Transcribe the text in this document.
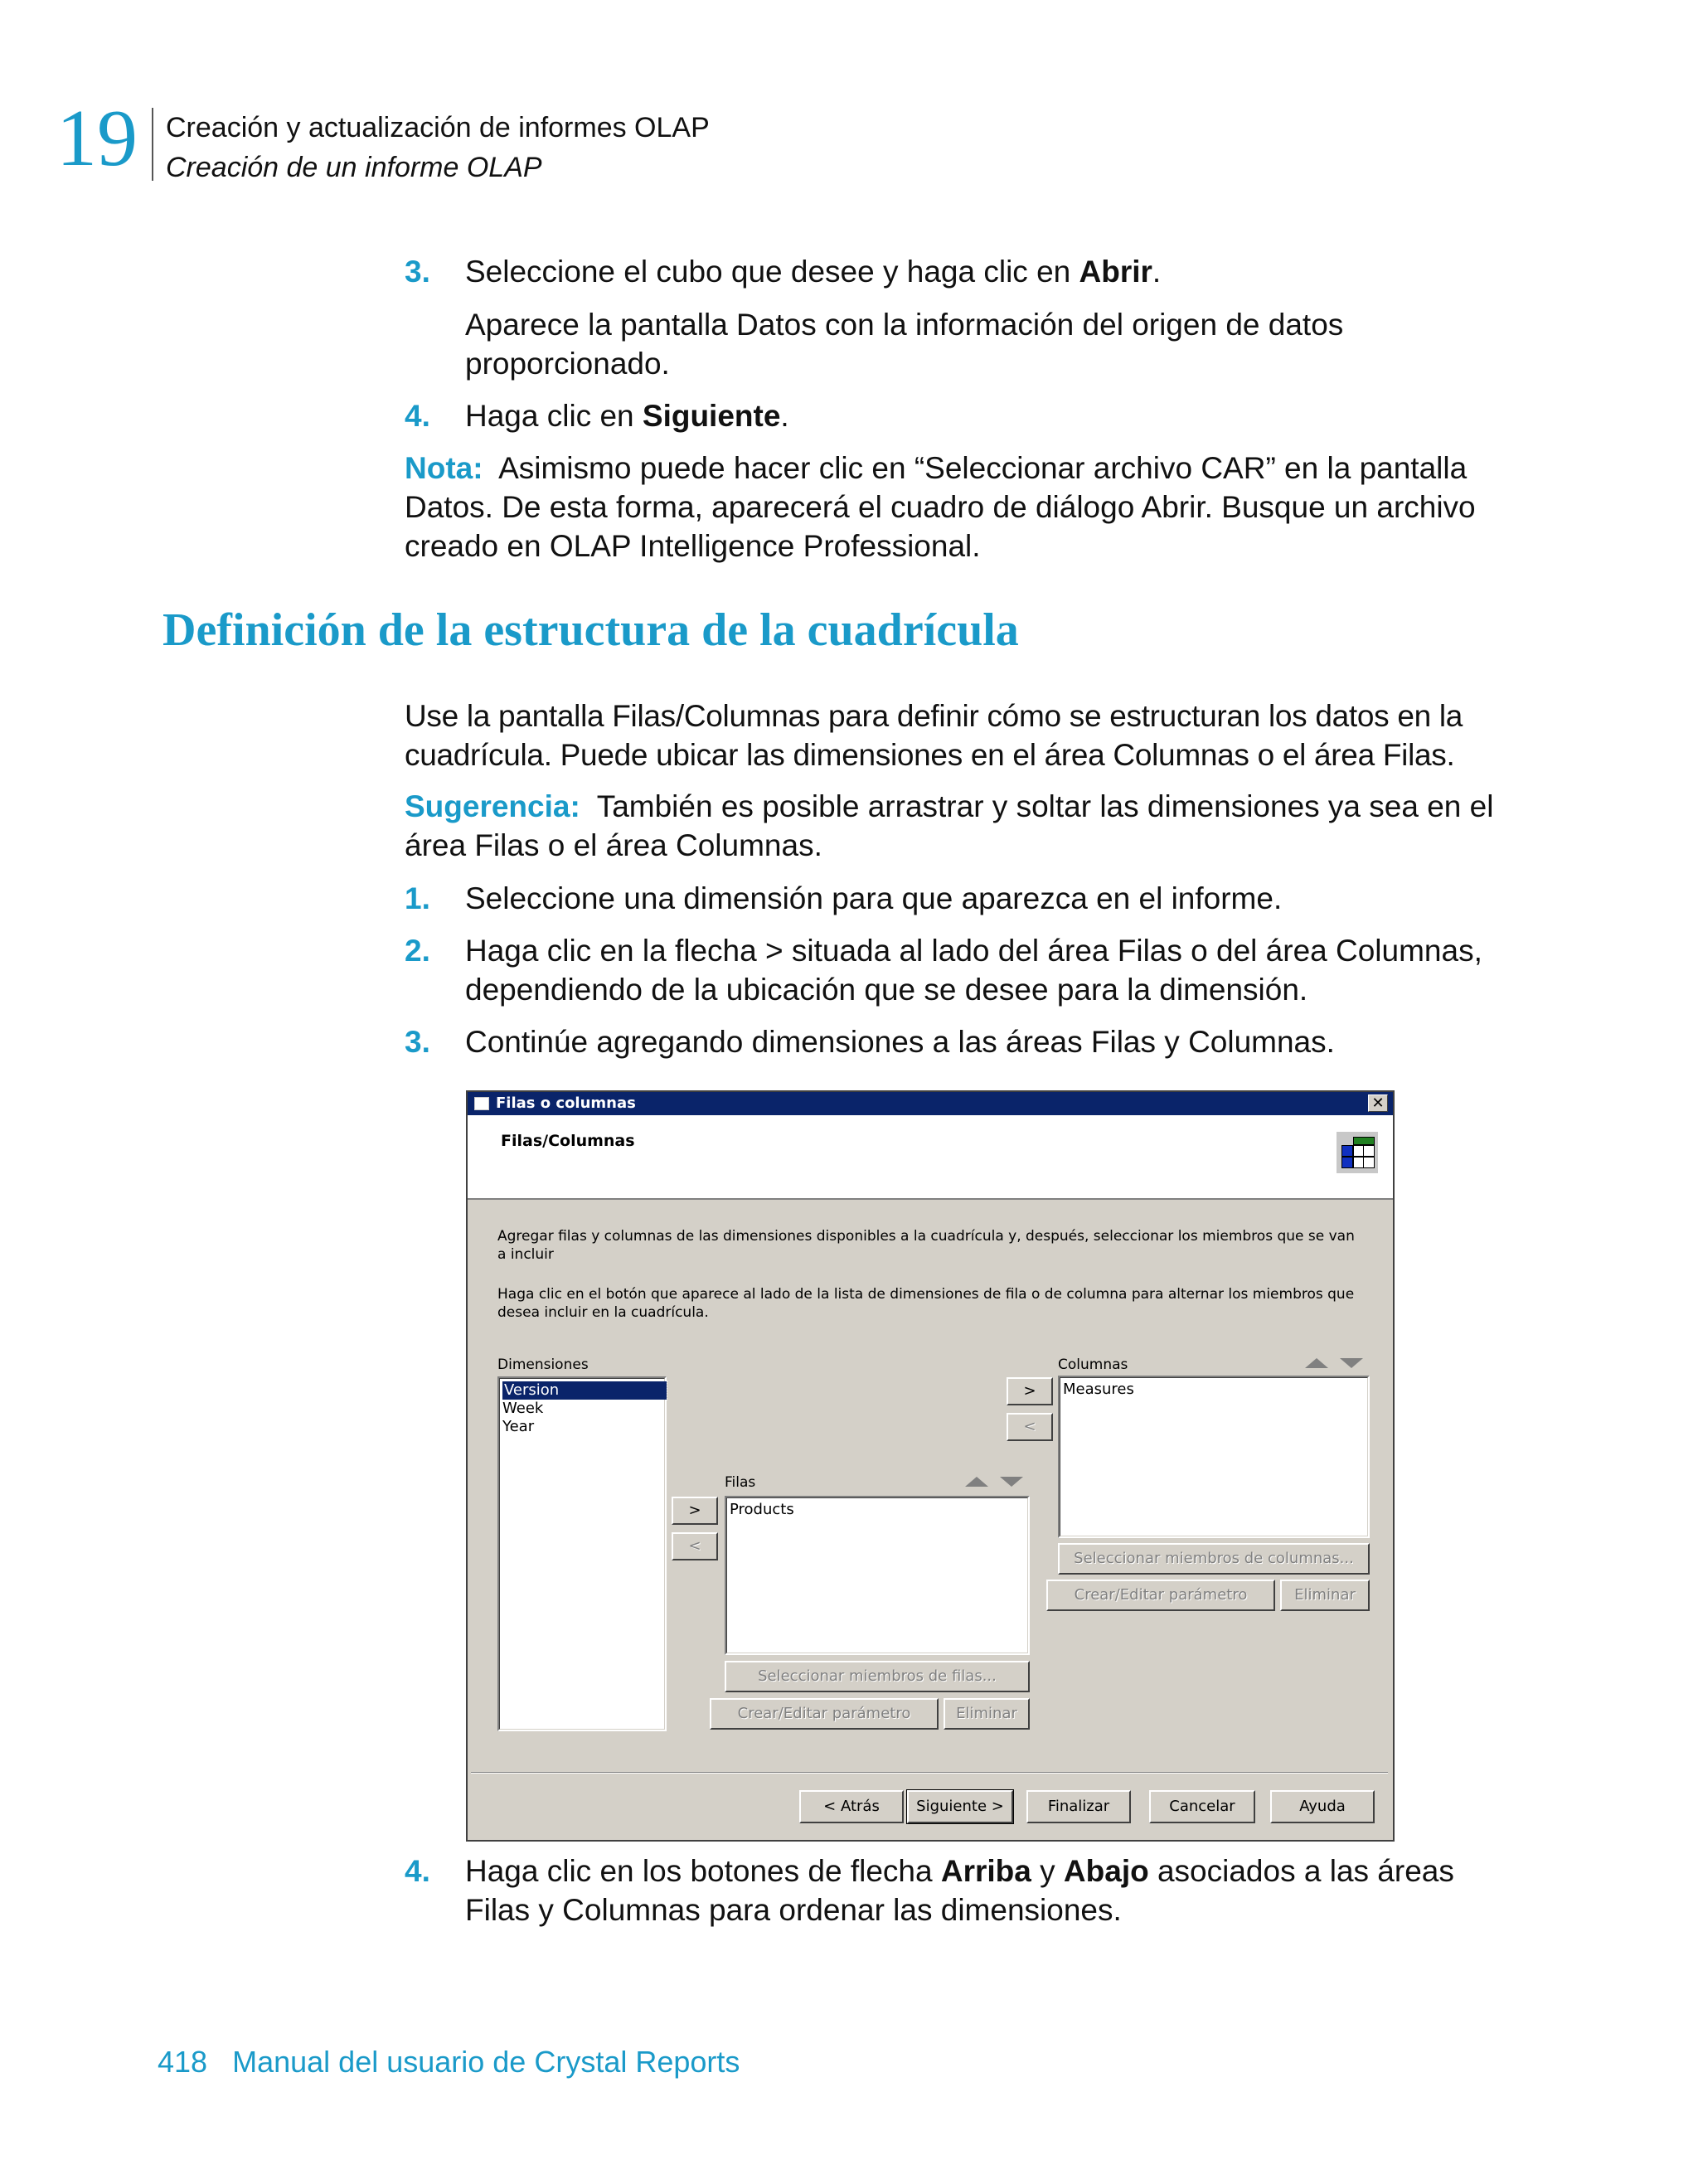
19 Creación y actualización de informes OLAP
Creación de un informe OLAP
3. Seleccione el cubo que desee y haga clic en Abrir.
Aparece la pantalla Datos con la información del origen de datos proporcionado.
4. Haga clic en Siguiente.
Nota: Asimismo puede hacer clic en “Seleccionar archivo CAR” en la pantalla Datos. De esta forma, aparecerá el cuadro de diálogo Abrir. Busque un archivo creado en OLAP Intelligence Professional.
Definición de la estructura de la cuadrícula
Use la pantalla Filas/Columnas para definir cómo se estructuran los datos en la cuadrícula. Puede ubicar las dimensiones en el área Columnas o el área Filas.
Sugerencia: También es posible arrastrar y soltar las dimensiones ya sea en el área Filas o el área Columnas.
1. Seleccione una dimensión para que aparezca en el informe.
2. Haga clic en la flecha > situada al lado del área Filas o del área Columnas, dependiendo de la ubicación que se desee para la dimensión.
3. Continúe agregando dimensiones a las áreas Filas y Columnas.
Filas o columnas	✕
Filas/Columnas
Agregar filas y columnas de las dimensiones disponibles a la cuadrícula y, después, seleccionar los miembros que se van a incluir
Haga clic en el botón que aparece al lado de la lista de dimensiones de fila o de columna para alternar los miembros que desea incluir en la cuadrícula.
Dimensiones
Version
Week
Year
Filas
>
<
Products
Seleccionar miembros de filas...
Crear/Editar parámetro	Eliminar
Columnas
>
<
Measures
Seleccionar miembros de columnas...
Crear/Editar parámetro	Eliminar
< Atrás	Siguiente >	Finalizar	Cancelar	Ayuda
4. Haga clic en los botones de flecha Arriba y Abajo asociados a las áreas Filas y Columnas para ordenar las dimensiones.
418 Manual del usuario de Crystal Reports
